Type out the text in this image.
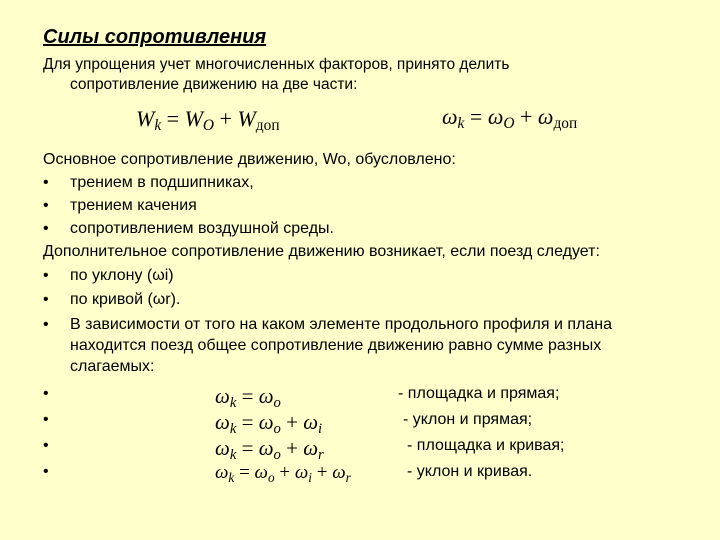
Силы сопротивления
Для упрощения учет многочисленных факторов, принято делить
сопротивление движению на две части:
$W_k = W_O + W_{доп}$	$\omega_k = \omega_O + \omega_{доп}$
Основное сопротивление движению, Wo, обусловлено:
• трением в подшипниках,
• трением качения
• сопротивлением воздушной среды.
Дополнительное сопротивление движению возникает, если поезд следует:
• по уклону (ωi)
• по кривой (ωr).
• В зависимости от того на каком элементе продольного профиля и плана
находится поезд общее сопротивление движению равно сумме разных
слагаемых:
•	$\omega_k = \omega_o$
- площадка и прямая;
•	$\omega_k = \omega_o + \omega_i$
- уклон и прямая;
•	$\omega_k = \omega_o + \omega_r$
- площадка и кривая;
•	$\omega_k = \omega_o + \omega_i + \omega_r$	- уклон и кривая.
